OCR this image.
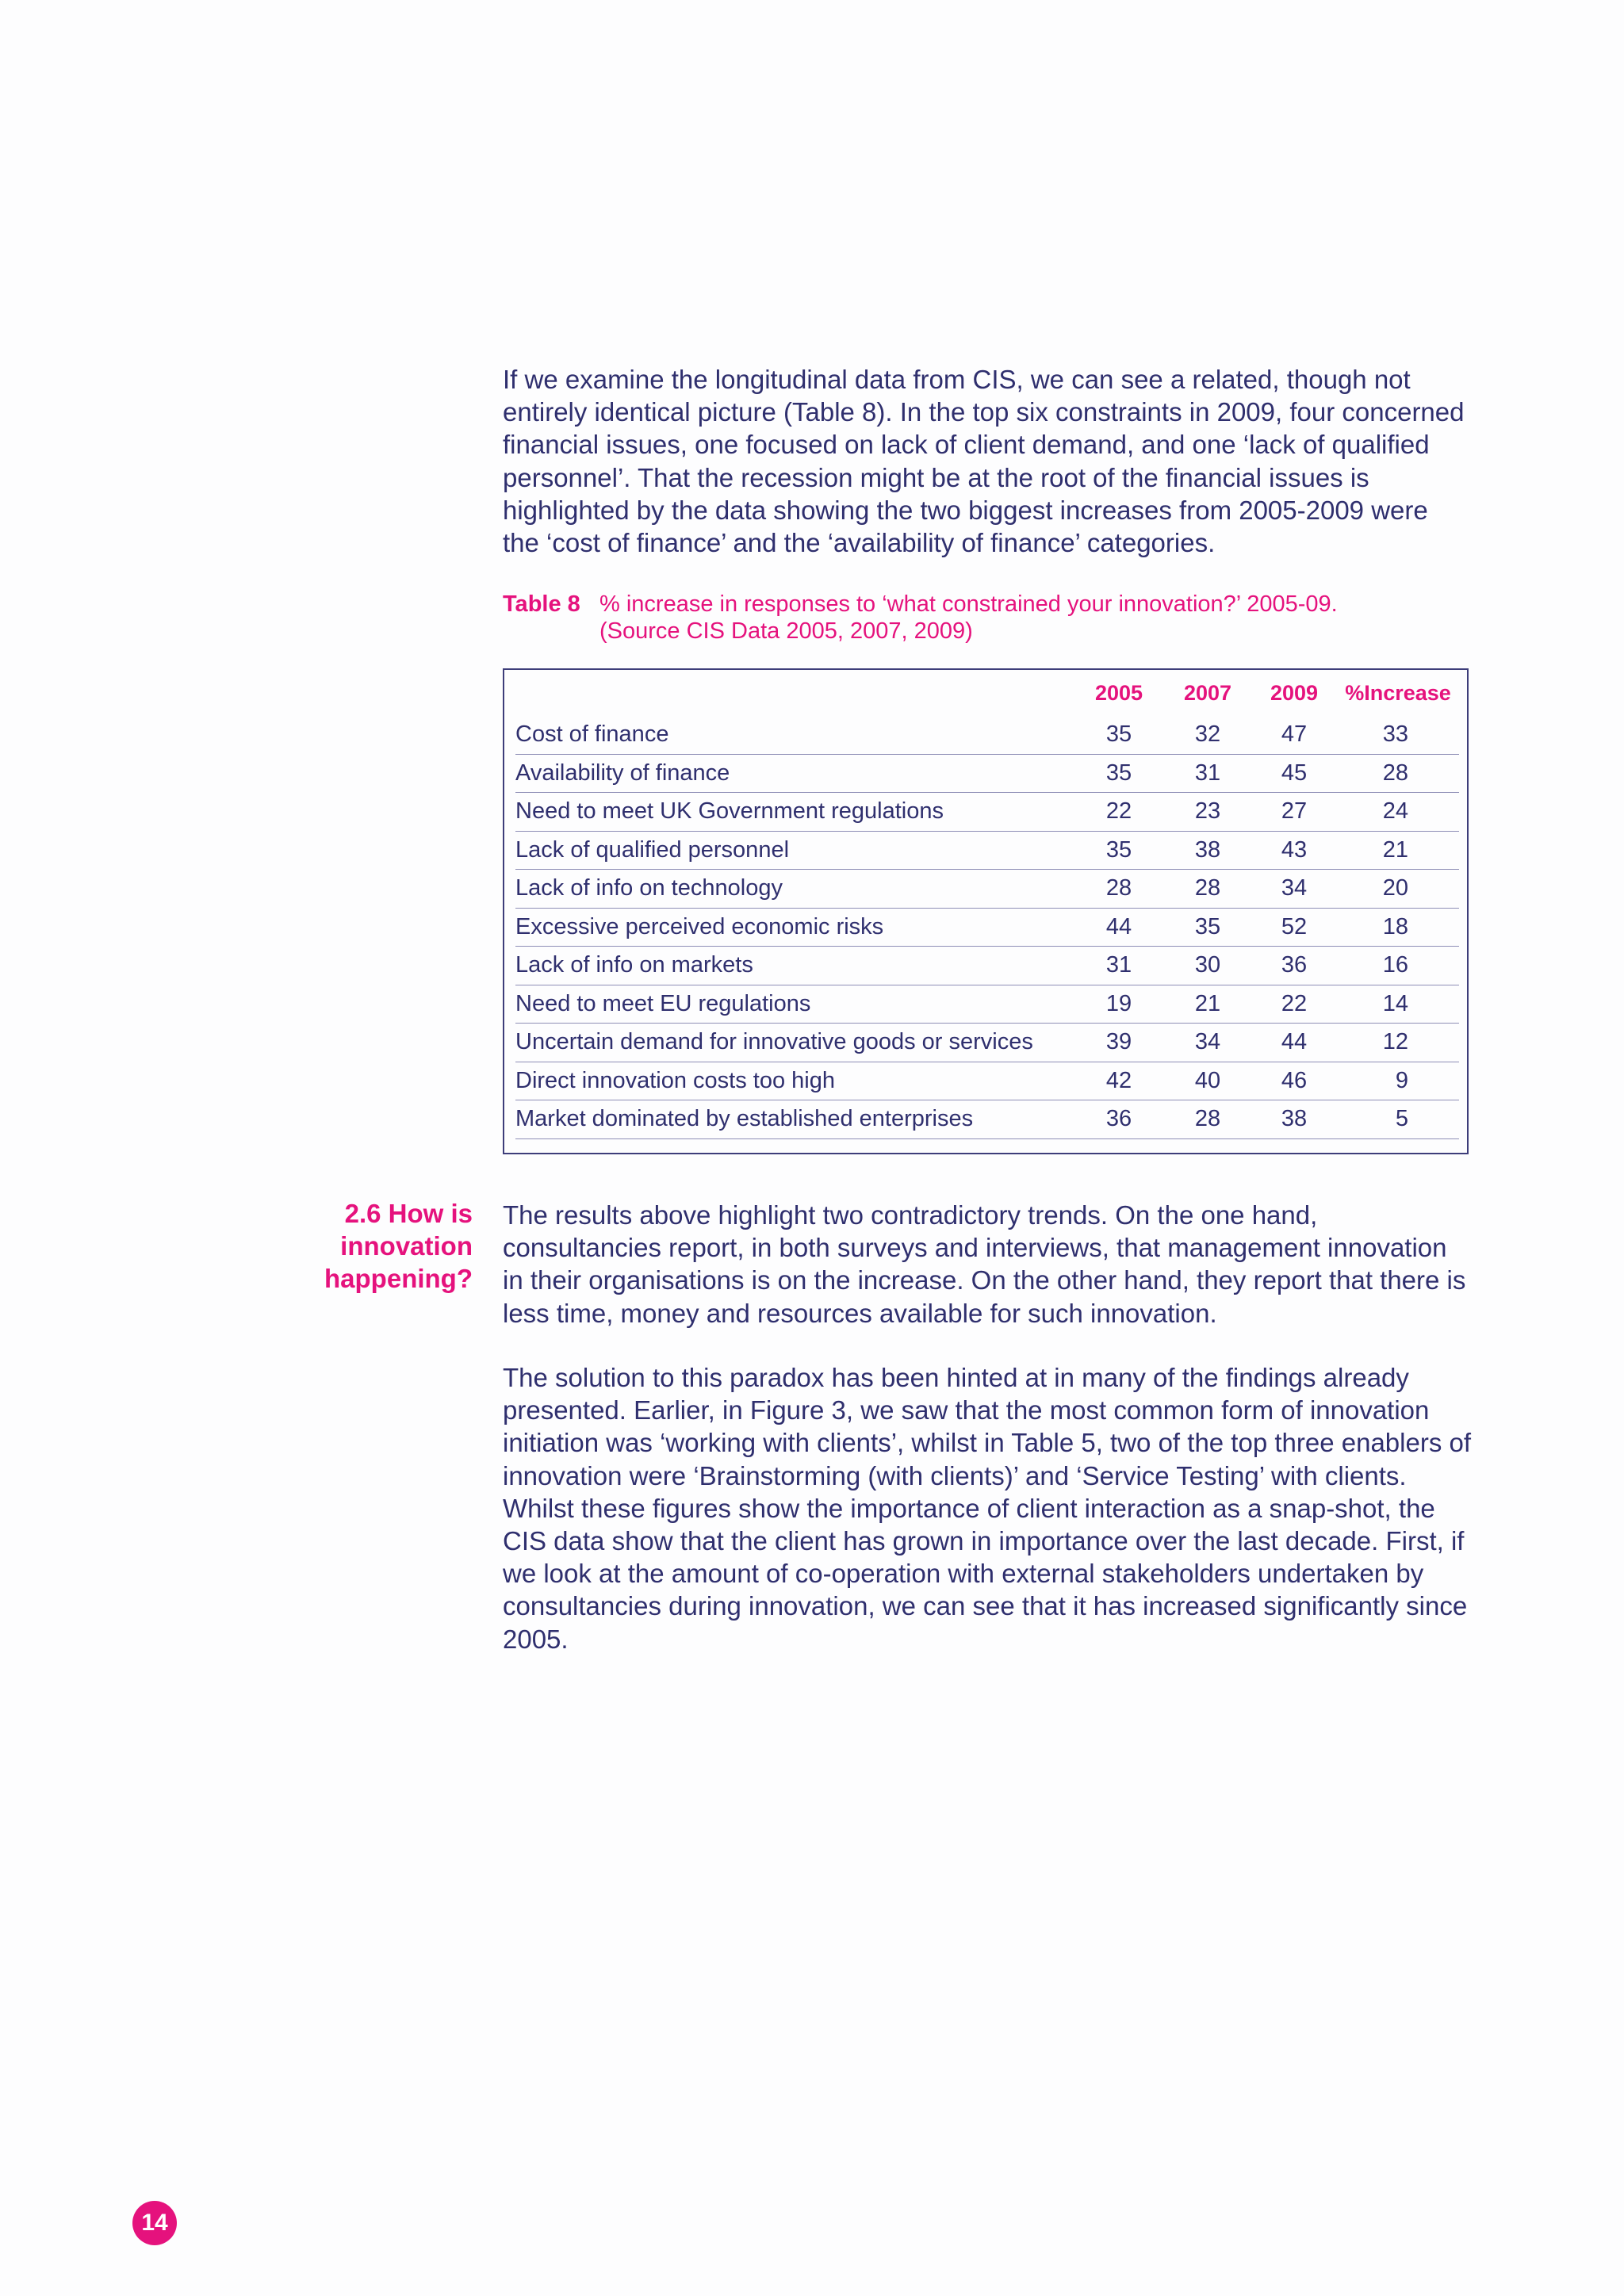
If we examine the longitudinal data from CIS, we can see a related, though not entirely identical picture (Table 8). In the top six constraints in 2009, four concerned financial issues, one focused on lack of client demand, and one ‘lack of qualified personnel’. That the recession might be at the root of the financial issues is highlighted by the data showing the two biggest increases from 2005-2009 were the ‘cost of finance’ and the ‘availability of finance’ categories.

Table 8 % increase in responses to ‘what constrained your innovation?’ 2005-09.
(Source CIS Data 2005, 2007, 2009)
	2005	2007	2009	%Increase
Cost of finance	35	32	47	33
Availability of finance	35	31	45	28
Need to meet UK Government regulations	22	23	27	24
Lack of qualified personnel	35	38	43	21
Lack of info on technology	28	28	34	20
Excessive perceived economic risks	44	35	52	18
Lack of info on markets	31	30	36	16
Need to meet EU regulations	19	21	22	14
Uncertain demand for innovative goods or services	39	34	44	12
Direct innovation costs too high	42	40	46	9
Market dominated by established enterprises	36	28	38	5
2.6 How is
innovation
happening?

The results above highlight two contradictory trends. On the one hand, consultancies report, in both surveys and interviews, that management innovation in their organisations is on the increase. On the other hand, they report that there is less time, money and resources available for such innovation.

The solution to this paradox has been hinted at in many of the findings already presented. Earlier, in Figure 3, we saw that the most common form of innovation initiation was ‘working with clients’, whilst in Table 5, two of the top three enablers of innovation were ‘Brainstorming (with clients)’ and ‘Service Testing’ with clients. Whilst these figures show the importance of client interaction as a snap-shot, the CIS data show that the client has grown in importance over the last decade. First, if we look at the amount of co-operation with external stakeholders undertaken by consultancies during innovation, we can see that it has increased significantly since 2005.

14
